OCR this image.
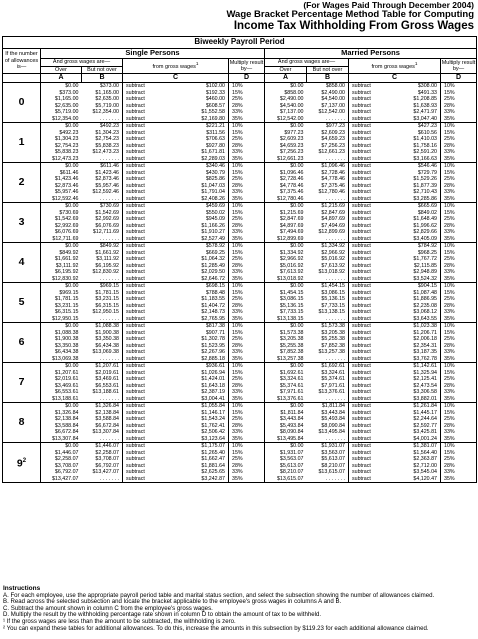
(For Wages Paid Through December 2004)
Wage Bracket Percentage Method Table for Computing
Income Tax Withholding From Gross Wages
Biweekly Payroll Period										
If the number of allowances is—	Single Persons					Married Persons				
	And gross wages are—		from gross wages$^1$		Multiply result by—	And gross wages are—		from gross wages$^1$		Multiply result by—
	Over	But not over				Over	But not over			
	A	B	C		D	A	B	C		D
0	$0.00	$373.00	subtract	$102.00	10%	$0.00	$858.00	subtract	$308.00	10%
	$373.00	$1,165.00	subtract	$192.33	15%	$858.00	$2,490.00	subtract	$491.33	15%
	$1,165.00	$2,635.00	subtract	$460.00	25%	$2,490.00	$4,540.00	subtract	$1,208.85	25%
	$2,635.00	$5,719.00	subtract	$608.57	28%	$4,540.00	$7,137.00	subtract	$1,638.93	28%
	$5,719.00	$12,354.00	subtract	$1,552.58	33%	$7,137.00	$12,542.00	subtract	$2,471.97	33%
	$12,354.00	. . . . . . .	subtract	$2,169.80	35%	$12,542.00	. . . . . . .	subtract	$3,047.40	35%
1	$0.00	$492.23	subtract	$221.21	10%	$0.00	$977.23	subtract	$427.23	10%
	$492.23	$1,304.23	subtract	$311.56	15%	$977.23	$2,609.23	subtract	$610.56	15%
	$1,304.23	$2,754.23	subtract	$706.63	25%	$2,609.23	$4,659.23	subtract	$1,410.03	25%
	$2,754.23	$5,838.23	subtract	$927.80	28%	$4,659.23	$7,256.23	subtract	$1,758.16	28%
	$5,838.23	$12,473.23	subtract	$1,671.81	33%	$7,256.23	$12,661.23	subtract	$2,591.20	33%
	$12,473.23	. . . . . . .	subtract	$2,289.03	35%	$12,661.23	. . . . . . .	subtract	$3,166.63	35%
2	$0.00	$611.46	subtract	$340.46	10%	$0.00	$1,096.46	subtract	$546.46	10%
	$611.46	$1,423.46	subtract	$430.79	15%	$1,096.46	$2,728.46	subtract	$729.79	15%
	$1,423.46	$2,873.46	subtract	$825.86	25%	$2,728.46	$4,778.46	subtract	$1,529.26	25%
	$2,873.46	$5,957.46	subtract	$1,047.03	28%	$4,778.46	$7,375.46	subtract	$1,877.39	28%
	$5,957.46	$12,592.46	subtract	$1,791.04	33%	$7,375.46	$12,780.46	subtract	$2,710.43	33%
	$12,592.46	. . . . . . .	subtract	$2,408.26	35%	$12,780.46	. . . . . . .	subtract	$3,285.86	35%
3	$0.00	$730.69	subtract	$459.69	10%	$0.00	$1,215.69	subtract	$665.69	10%
	$730.69	$1,542.69	subtract	$550.02	15%	$1,215.69	$2,847.69	subtract	$849.02	15%
	$1,542.69	$2,992.69	subtract	$945.09	25%	$2,847.69	$4,897.69	subtract	$1,648.49	25%
	$2,992.69	$6,076.69	subtract	$1,166.26	28%	$4,897.69	$7,494.69	subtract	$1,996.62	28%
	$6,076.69	$12,711.69	subtract	$1,910.27	33%	$7,494.69	$12,899.69	subtract	$2,829.66	33%
	$12,711.69	. . . . . . .	subtract	$2,527.49	35%	$12,899.69	. . . . . . .	subtract	$3,405.09	35%
4	$0.00	$849.92	subtract	$578.92	10%	$0.00	$1,334.92	subtract	$784.92	10%
	$849.92	$1,661.92	subtract	$669.25	15%	$1,334.92	$2,966.92	subtract	$968.25	15%
	$1,661.92	$3,111.92	subtract	$1,064.32	25%	$2,966.92	$5,016.92	subtract	$1,767.72	25%
	$3,111.92	$6,195.92	subtract	$1,285.49	28%	$5,016.92	$7,613.92	subtract	$2,115.85	28%
	$6,195.92	$12,830.92	subtract	$2,029.50	33%	$7,613.92	$13,018.92	subtract	$2,948.89	33%
	$12,830.92	. . . . . . .	subtract	$2,646.72	35%	$13,018.92	. . . . . . .	subtract	$3,524.32	35%
5	$0.00	$969.15	subtract	$698.15	10%	$0.00	$1,454.15	subtract	$904.15	10%
	$969.15	$1,781.15	subtract	$788.48	15%	$1,454.15	$3,086.15	subtract	$1,087.48	15%
	$1,781.15	$3,231.15	subtract	$1,183.55	25%	$3,086.15	$5,136.15	subtract	$1,886.95	25%
	$3,231.15	$6,315.15	subtract	$1,404.72	28%	$5,136.15	$7,733.15	subtract	$2,235.08	28%
	$6,315.15	$12,950.15	subtract	$2,148.73	33%	$7,733.15	$13,138.15	subtract	$3,068.12	33%
	$12,950.15	. . . . . . .	subtract	$2,765.95	35%	$13,138.15	. . . . . . .	subtract	$3,643.55	35%
6	$0.00	$1,088.38	subtract	$817.38	10%	$0.00	$1,573.38	subtract	$1,023.38	10%
	$1,088.38	$1,900.38	subtract	$907.71	15%	$1,573.38	$3,205.38	subtract	$1,206.71	15%
	$1,900.38	$3,350.38	subtract	$1,302.78	25%	$3,205.38	$5,255.38	subtract	$2,006.18	25%
	$3,350.38	$6,434.38	subtract	$1,523.95	28%	$5,255.38	$7,852.38	subtract	$2,354.31	28%
	$6,434.38	$13,069.38	subtract	$2,267.96	33%	$7,852.38	$13,257.38	subtract	$3,187.35	33%
	$13,069.38	. . . . . . .	subtract	$2,885.18	35%	$13,257.38	. . . . . . .	subtract	$3,762.78	35%
7	$0.00	$1,207.61	subtract	$936.61	10%	$0.00	$1,692.61	subtract	$1,142.61	10%
	$1,207.61	$2,019.61	subtract	$1,026.94	15%	$1,692.61	$3,324.61	subtract	$1,325.94	15%
	$2,019.61	$3,469.61	subtract	$1,424.01	25%	$3,324.61	$5,374.61	subtract	$2,125.41	25%
	$3,469.61	$6,553.61	subtract	$1,643.18	28%	$5,374.61	$7,971.61	subtract	$2,473.54	28%
	$6,553.61	$13,188.61	subtract	$2,387.19	33%	$7,971.61	$13,376.61	subtract	$3,306.58	33%
	$13,188.61	. . . . . . .	subtract	$3,004.41	35%	$13,376.61	. . . . . . .	subtract	$3,882.01	35%
8	$0.00	$1,326.84	subtract	$1,055.84	10%	$0.00	$1,811.84	subtract	$1,261.84	10%
	$1,326.84	$2,138.84	subtract	$1,146.17	15%	$1,811.84	$3,443.84	subtract	$1,445.17	15%
	$2,138.84	$3,588.84	subtract	$1,543.24	25%	$3,443.84	$5,493.84	subtract	$2,244.64	25%
	$3,588.84	$6,672.84	subtract	$1,762.41	28%	$5,493.84	$8,090.84	subtract	$2,592.77	28%
	$6,672.84	$13,307.84	subtract	$2,506.42	33%	$8,090.84	$13,495.84	subtract	$3,425.81	33%
	$13,307.84	. . . . . . .	subtract	$3,123.64	35%	$13,495.84	. . . . . . .	subtract	$4,001.24	35%
$9^2$	$0.00	$1,446.07	subtract	$1,175.07	10%	$0.00	$1,931.07	subtract	$1,381.07	10%
	$1,446.07	$2,258.07	subtract	$1,265.40	15%	$1,931.07	$3,563.07	subtract	$1,564.40	15%
	$2,258.07	$3,708.07	subtract	$1,662.47	25%	$3,563.07	$5,613.07	subtract	$2,363.87	25%
	$3,708.07	$6,792.07	subtract	$1,881.64	28%	$5,613.07	$8,210.07	subtract	$2,712.00	28%
	$6,792.07	$13,427.07	subtract	$2,625.65	33%	$8,210.07	$13,615.07	subtract	$3,545.04	33%
	$13,427.07	. . . . . . .	subtract	$3,242.87	35%	$13,615.07	. . . . . . .	subtract	$4,120.47	35%

Instructions

A. For each employee, use the appropriate payroll period table and marital status section, and select the subsection showing the number of allowances claimed.

B. Read across the selected subsection and locate the bracket applicable to the employee's gross wages in columns A and B.

C. Subtract the amount shown in column C from the employee's gross wages.

D. Multiply the result by the withholding percentage rate shown in column D to obtain the amount of tax to be withheld.

¹ If the gross wages are less than the amount to be subtracted, the withholding is zero.

² You can expand these tables for additional allowances. To do this, increase the amounts in this subsection by $119.23 for each additional allowance claimed.
